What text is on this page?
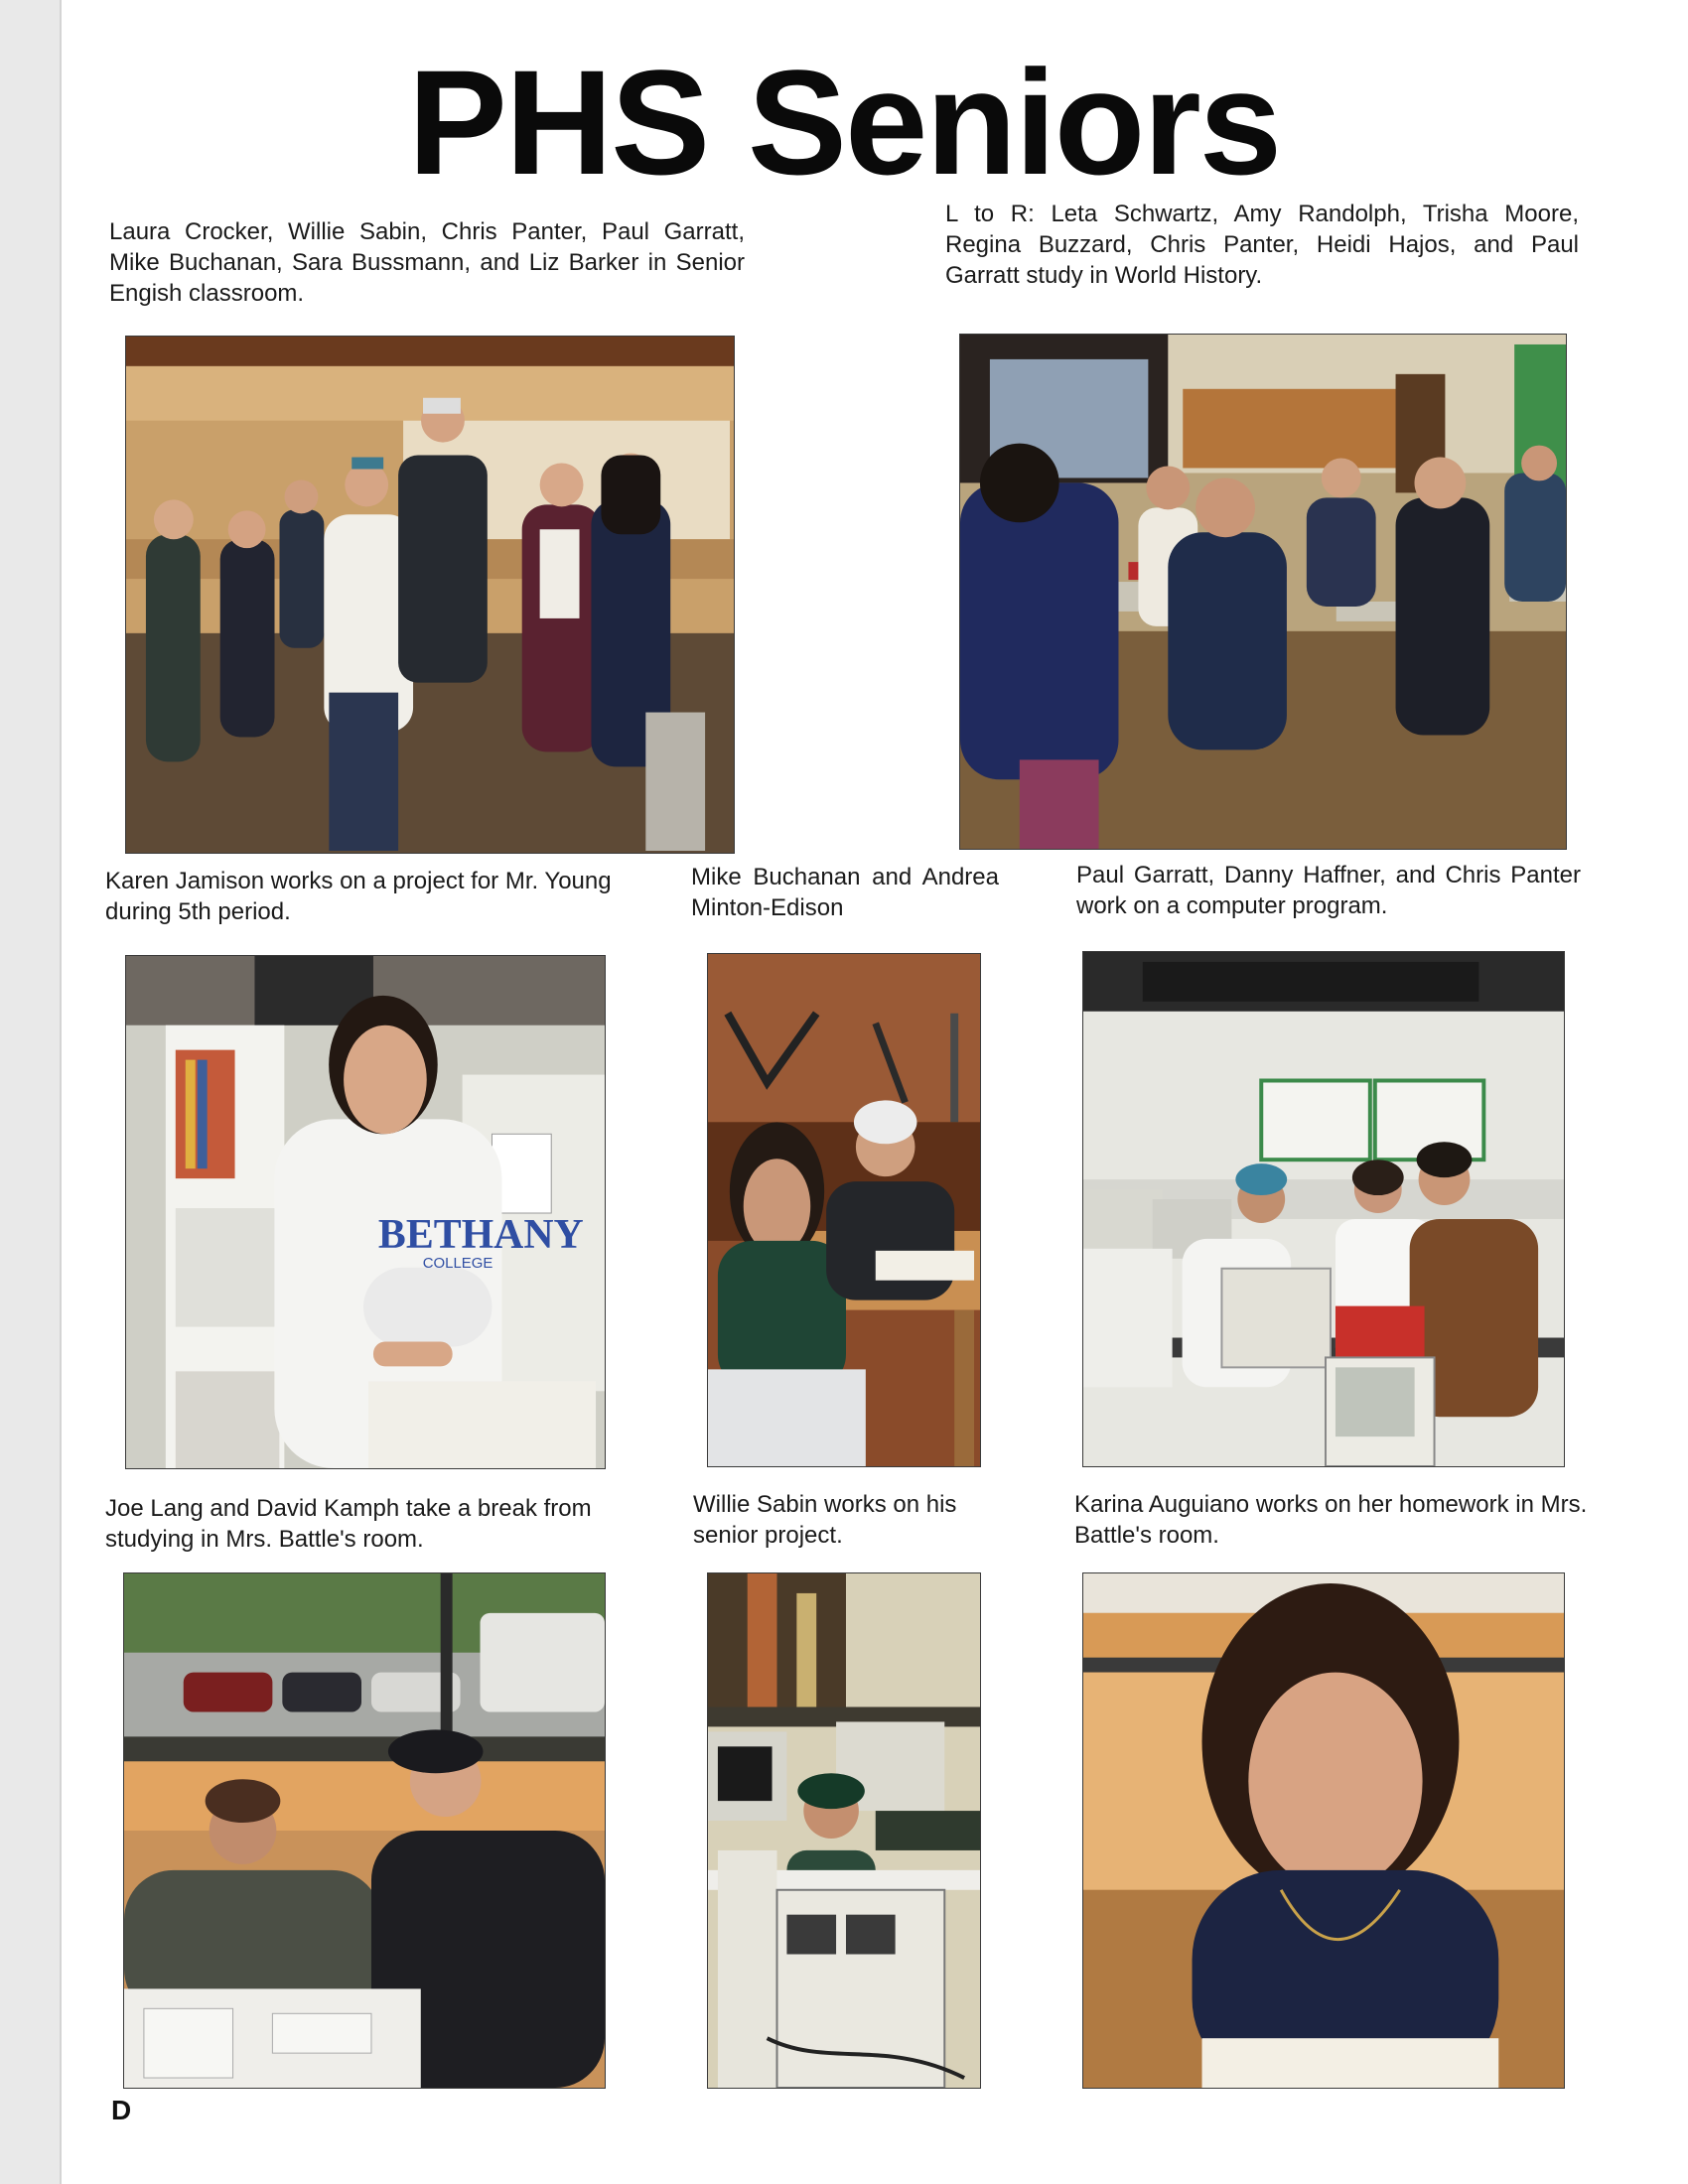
PHS Seniors
Laura Crocker, Willie Sabin, Chris Panter, Paul Garratt, Mike Buchanan, Sara Bussmann, and Liz Barker in Senior Engish classroom.
L to R: Leta Schwartz, Amy Randolph, Trisha Moore, Regina Buzzard, Chris Panter, Heidi Hajos, and Paul Garratt study in World History.
Karen Jamison works on a project for Mr. Young during 5th period.
Mike Buchanan and Andrea Minton-Edison
Paul Garratt, Danny Haffner, and Chris Panter work on a computer program.
BETHANY
COLLEGE
Joe Lang and David Kamph take a break from studying in Mrs. Battle's room.
Willie Sabin works on his senior project.
Karina Auguiano works on her homework in Mrs. Battle's room.
D
